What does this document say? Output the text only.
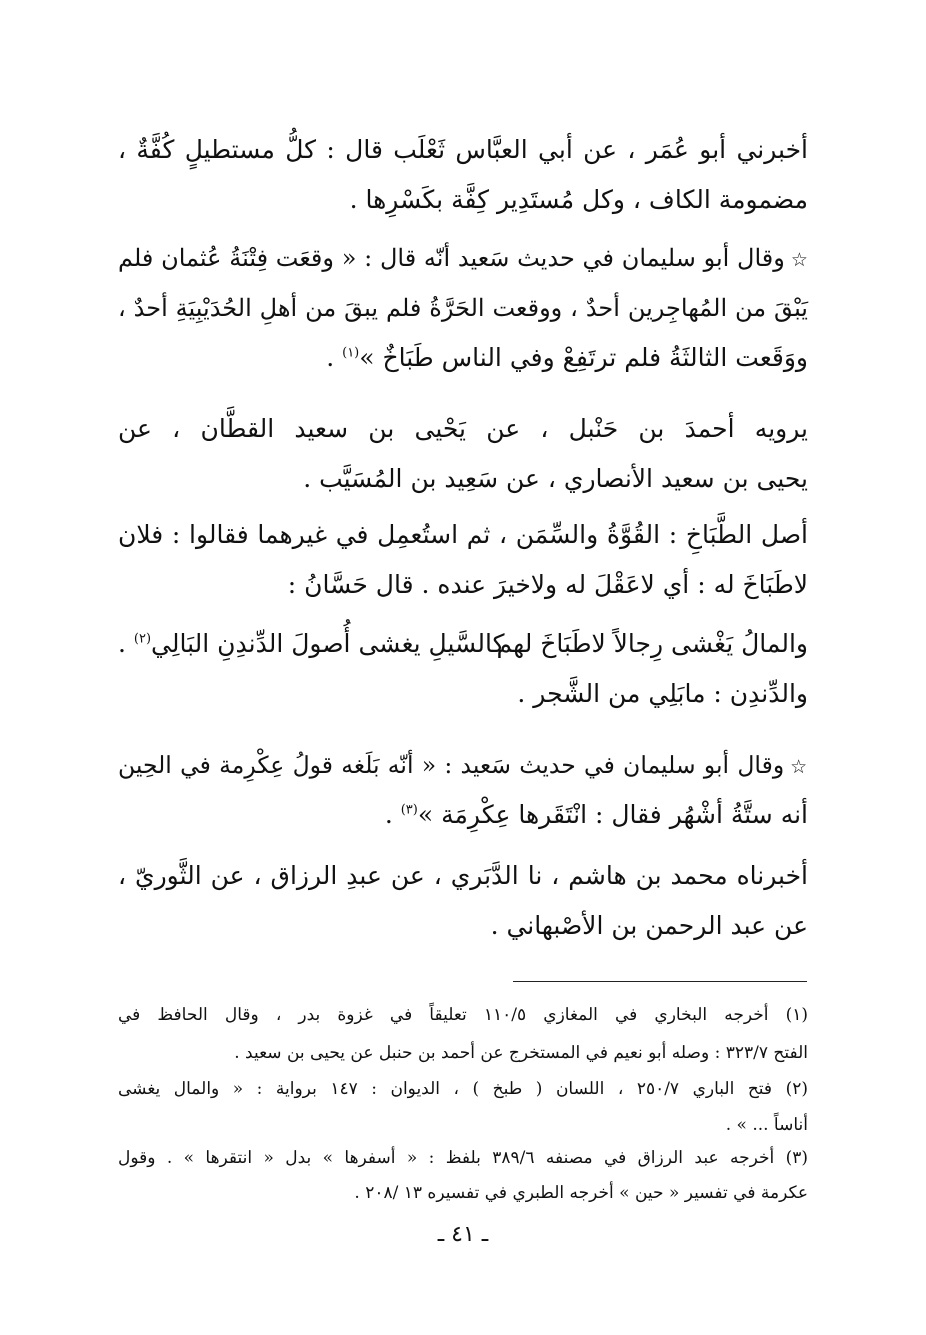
أخبرني أبو عُمَر ، عن أبي العبَّاس ثَعْلَب قال : كلُّ مستطيلٍ كُفَّةٌ ،

مضمومة الكاف ، وكل مُستَدِير كِفَّة بكَسْرِها .

☆وقال أبو سليمان في حديث سَعيد أنّه قال : « وقعَت فِتْنَةُ عُثمان فلم

يَبْقَ من المُهاجِرين أحدٌ ، ووقعت الحَرَّةُ فلم يبقَ من أهلِ الحُدَيْبِيَةِ أحدٌ ،

ووَقَعت الثالثَةُ فلم ترتَفِعْ وفي الناس طَبَاخٌ »$^{(١)}$ .

يرويه أحمدَ بن حَنْبل ، عن يَحْيى بن سعيد القطَّان ، عن

يحيى بن سعيد الأنصاري ، عن سَعِيد بن المُسَيَّب .

أصل الطَّبَاخِ : القُوَّةُ والسِّمَن ، ثم استُعمِل في غيرهما فقالوا : فلان

لاطَبَاخَ له : أي لاعَقْلَ له ولاخيرَ عنده . قال حَسَّانُ :

والمالُ يَغْشى رِجالاً لاطَبَاخَ لهم
كالسَّيلِ يغشى أُصولَ الدِّندِنِ البَالِي$^{(٢)}$ .

والدِّندِن : مابَلِي من الشَّجر .

☆وقال أبو سليمان في حديث سَعيد : « أنّه بَلَغه قولُ عِكْرِمة في الحِين

أنه ستَّةُ أشْهُر فقال : انْتَقَرها عِكْرِمَة »$^{(٣)}$ .

أخبرناه محمد بن هاشم ، نا الدَّبَري ، عن عبدِ الرزاق ، عن الثَّوريّ ،

عن عبد الرحمن بن الأصْبهاني .

(١) أخرجه البخاري في المغازي ١١٠/٥ تعليقاً في غزوة بدر ، وقال الحافظ في

الفتح ٣٢٣/٧ : وصله أبو نعيم في المستخرج عن أحمد بن حنبل عن يحيى بن سعيد .

(٢) فتح الباري ٢٥٠/٧ ، اللسان ( طبخ ) ، الديوان : ١٤٧ برواية : « والمال يغشى

أناساً ... » .

(٣) أخرجه عبد الرزاق في مصنفه ٣٨٩/٦ بلفظ : « أسفرها » بدل « انتقرها » . وقول

عكرمة في تفسير « حين » أخرجه الطبري في تفسيره ١٣ /٢٠٨ .

ـ ٤١ ـ
